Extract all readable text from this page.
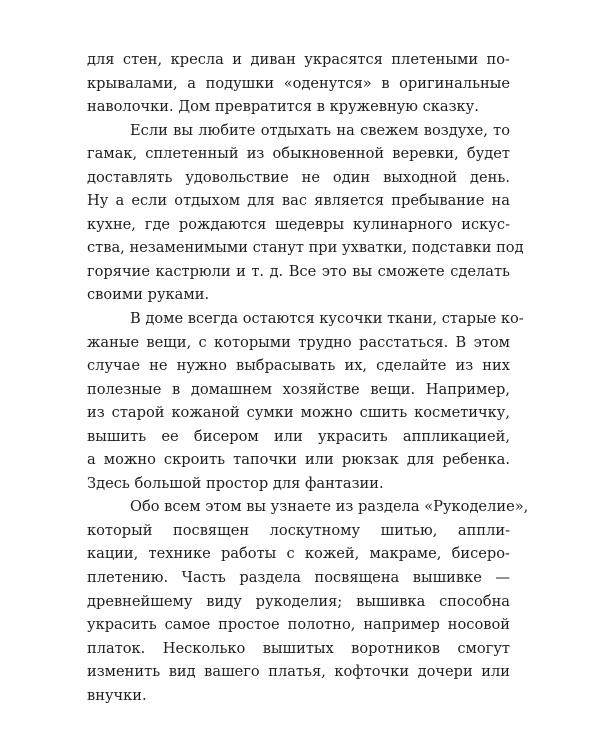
для стен, кресла и диван украсятся плетеными по-
крывалами, а подушки «оденутся» в оригинальные
наволочки. Дом превратится в кружевную сказку.

Если вы любите отдыхать на свежем воздухе, то
гамак, сплетенный из обыкновенной веревки, будет
доставлять удовольствие не один выходной день.
Ну а если отдыхом для вас является пребывание на
кухне, где рождаются шедевры кулинарного искус-
ства, незаменимыми станут при ухватки, подставки под
горячие кастрюли и т. д. Все это вы сможете сделать
своими руками.

В доме всегда остаются кусочки ткани, старые ко-
жаные вещи, с которыми трудно расстаться. В этом
случае не нужно выбрасывать их, сделайте из них
полезные в домашнем хозяйстве вещи. Например,
из старой кожаной сумки можно сшить косметичку,
вышить ее бисером или украсить аппликацией,
а можно скроить тапочки или рюкзак для ребенка.
Здесь большой простор для фантазии.

Обо всем этом вы узнаете из раздела «Рукоделие»,
который посвящен лоскутному шитью, аппли-
кации, технике работы с кожей, макраме, бисеро-
плетению. Часть раздела посвящена вышивке —
древнейшему виду рукоделия; вышивка способна
украсить самое простое полотно, например носовой
платок. Несколько вышитых воротников смогут
изменить вид вашего платья, кофточки дочери или
внучки.
